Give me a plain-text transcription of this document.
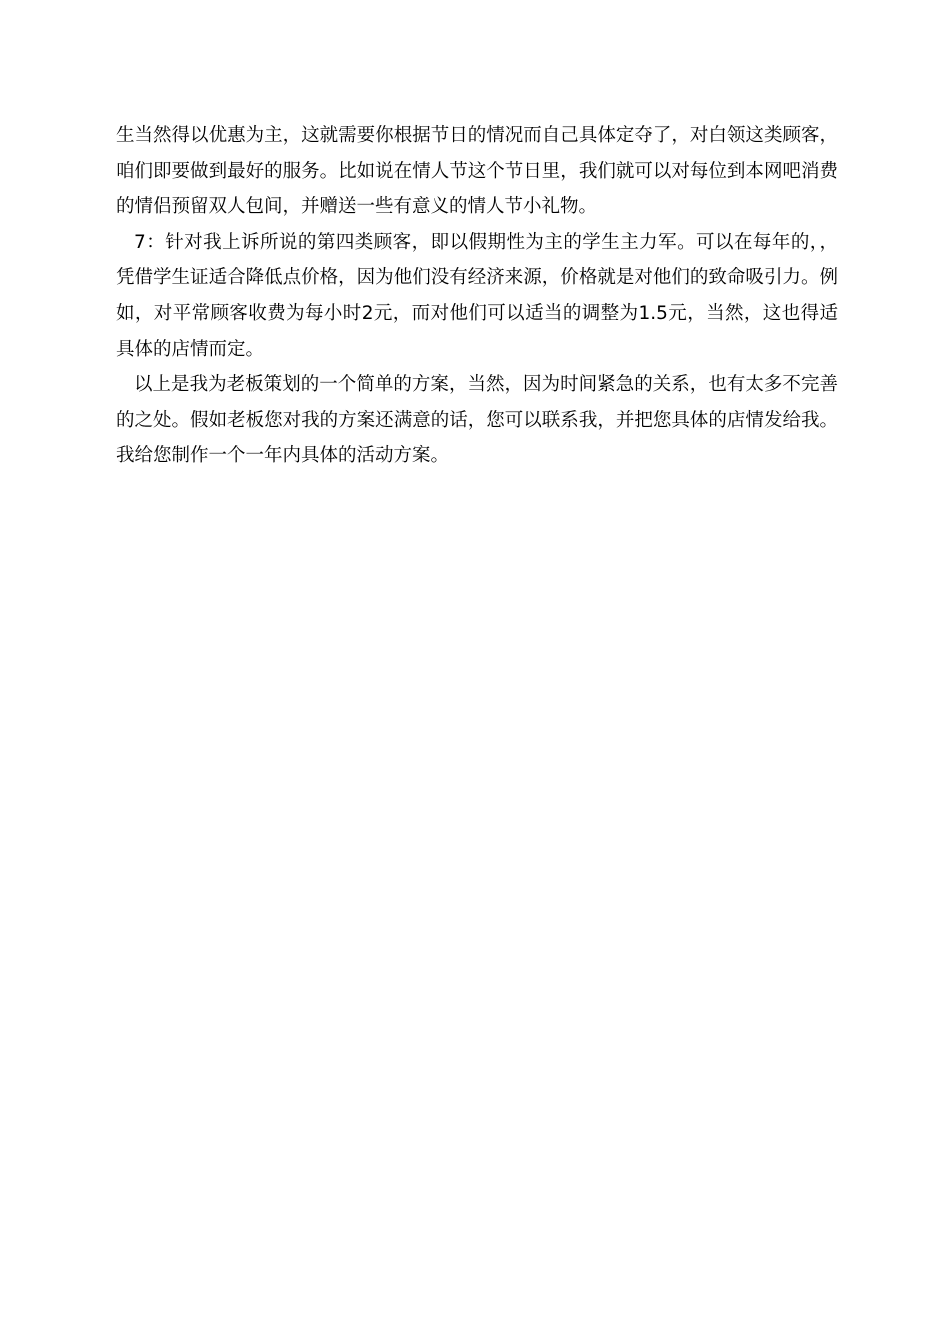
生当然得以优惠为主，这就需要你根据节日的情况而自己具体定夺了，对白领这类顾客，咱们即要做到最好的服务。比如说在情人节这个节日里，我们就可以对每位到本网吧消费的情侣预留双人包间，并赠送一些有意义的情人节小礼物。

7：针对我上诉所说的第四类顾客，即以假期性为主的学生主力军。可以在每年的，，凭借学生证适合降低点价格，因为他们没有经济来源，价格就是对他们的致命吸引力。例如，对平常顾客收费为每小时2元，而对他们可以适当的调整为1.5元，当然，这也得适具体的店情而定。

以上是我为老板策划的一个简单的方案，当然，因为时间紧急的关系，也有太多不完善的之处。假如老板您对我的方案还满意的话，您可以联系我，并把您具体的店情发给我。我给您制作一个一年内具体的活动方案。
